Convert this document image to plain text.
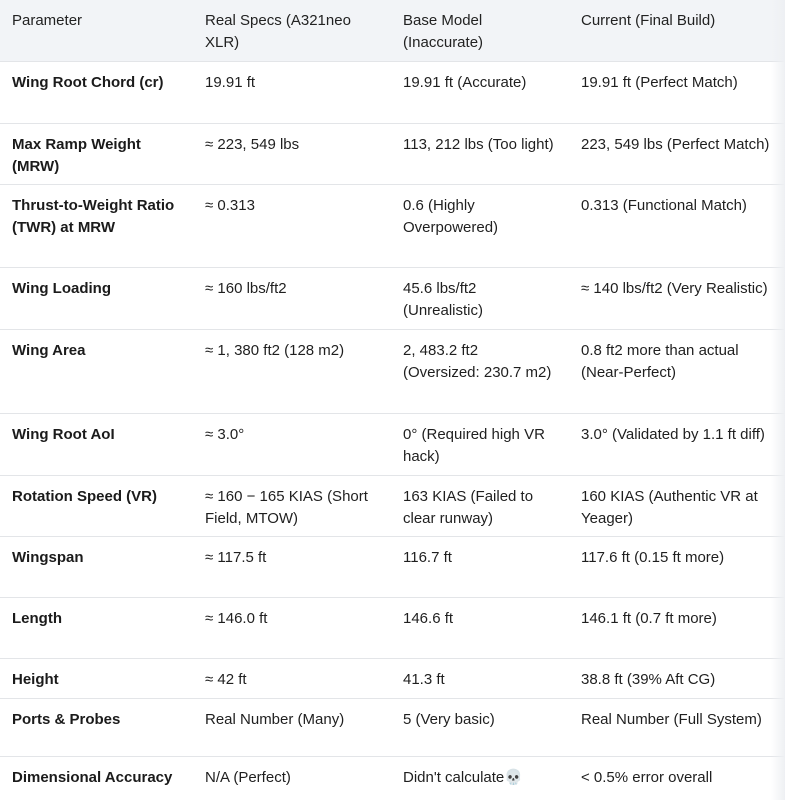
Parameter	Real Specs (A321neo XLR)	Base Model (Inaccurate)	Current (Final Build)
Wing Root Chord (cr)	19.91 ft	19.91 ft (Accurate)	19.91 ft (Perfect Match)
Max Ramp Weight (MRW)	≈ 223, 549 lbs	113, 212 lbs (Too light)	223, 549 lbs (Perfect Match)
Thrust-to-Weight Ratio (TWR) at MRW	≈ 0.313	0.6 (Highly Overpowered)	0.313 (Functional Match)
Wing Loading	≈ 160 lbs/ft2	45.6 lbs/ft2 (Unrealistic)	≈ 140 lbs/ft2 (Very Realistic)
Wing Area	≈ 1, 380 ft2 (128 m2)	2, 483.2 ft2 (Oversized: 230.7 m2)	0.8 ft2 more than actual (Near-Perfect)
Wing Root AoI	≈ 3.0°	0° (Required high VR hack)	3.0° (Validated by 1.1 ft diff)
Rotation Speed (VR)	≈ 160 − 165 KIAS (Short Field, MTOW)	163 KIAS (Failed to clear runway)	160 KIAS (Authentic VR at Yeager)
Wingspan	≈ 117.5 ft	116.7 ft	117.6 ft (0.15 ft more)
Length	≈ 146.0 ft	146.6 ft	146.1 ft (0.7 ft more)
Height	≈ 42 ft	41.3 ft	38.8 ft (39% Aft CG)
Ports & Probes	Real Number (Many)	5 (Very basic)	Real Number (Full System)
Dimensional Accuracy	N/A (Perfect)	Didn't calculate💀	< 0.5% error overall
